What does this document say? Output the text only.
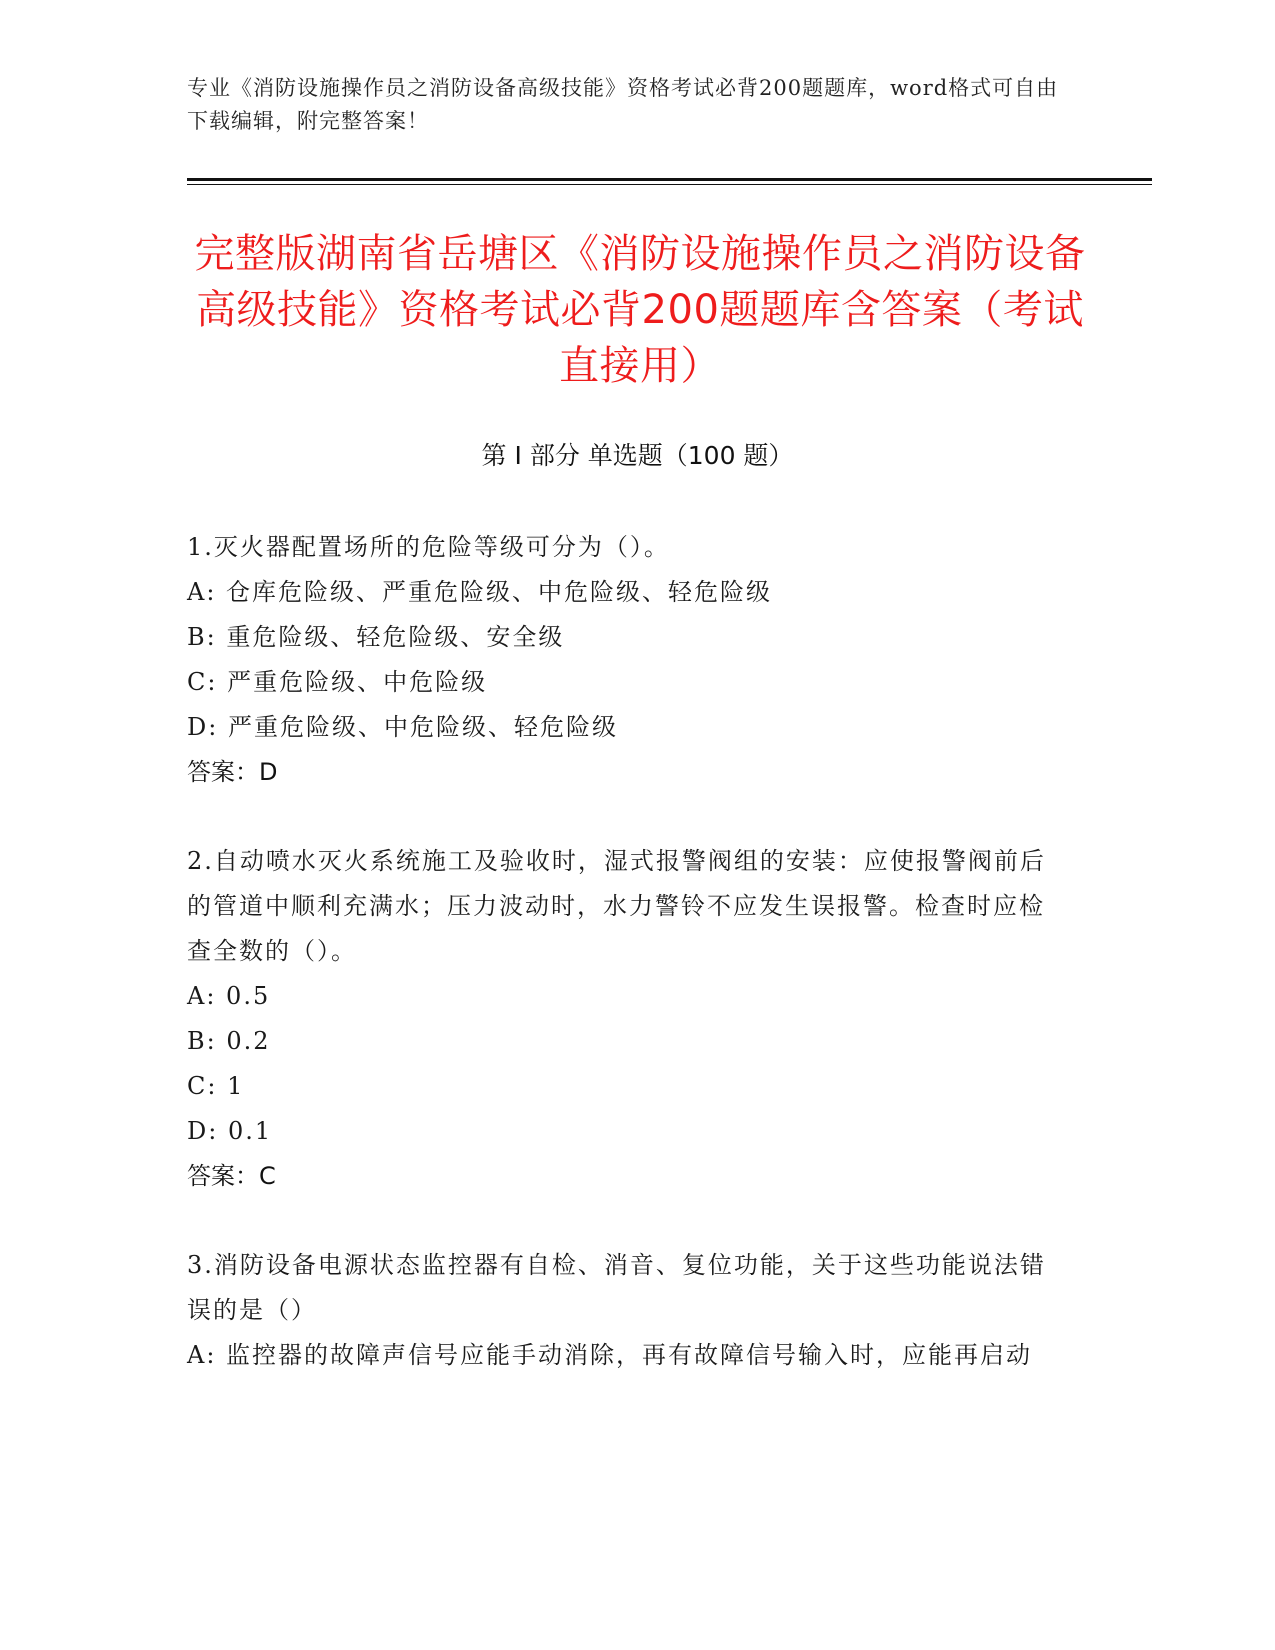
专业《消防设施操作员之消防设备高级技能》资格考试必背200题题库，word格式可自由下载编辑，附完整答案！
完整版湖南省岳塘区《消防设施操作员之消防设备高级技能》资格考试必背200题题库含答案（考试直接用）
第 I 部分 单选题（100 题）
1.灭火器配置场所的危险等级可分为（）。
A: 仓库危险级、严重危险级、中危险级、轻危险级
B: 重危险级、轻危险级、安全级
C: 严重危险级、中危险级
D: 严重危险级、中危险级、轻危险级
答案：D
2.自动喷水灭火系统施工及验收时，湿式报警阀组的安装：应使报警阀前后的管道中顺利充满水；压力波动时，水力警铃不应发生误报警。检查时应检查全数的（）。
A: 0.5
B: 0.2
C: 1
D: 0.1
答案：C
3.消防设备电源状态监控器有自检、消音、复位功能，关于这些功能说法错误的是（）
A: 监控器的故障声信号应能手动消除，再有故障信号输入时，应能再启动
